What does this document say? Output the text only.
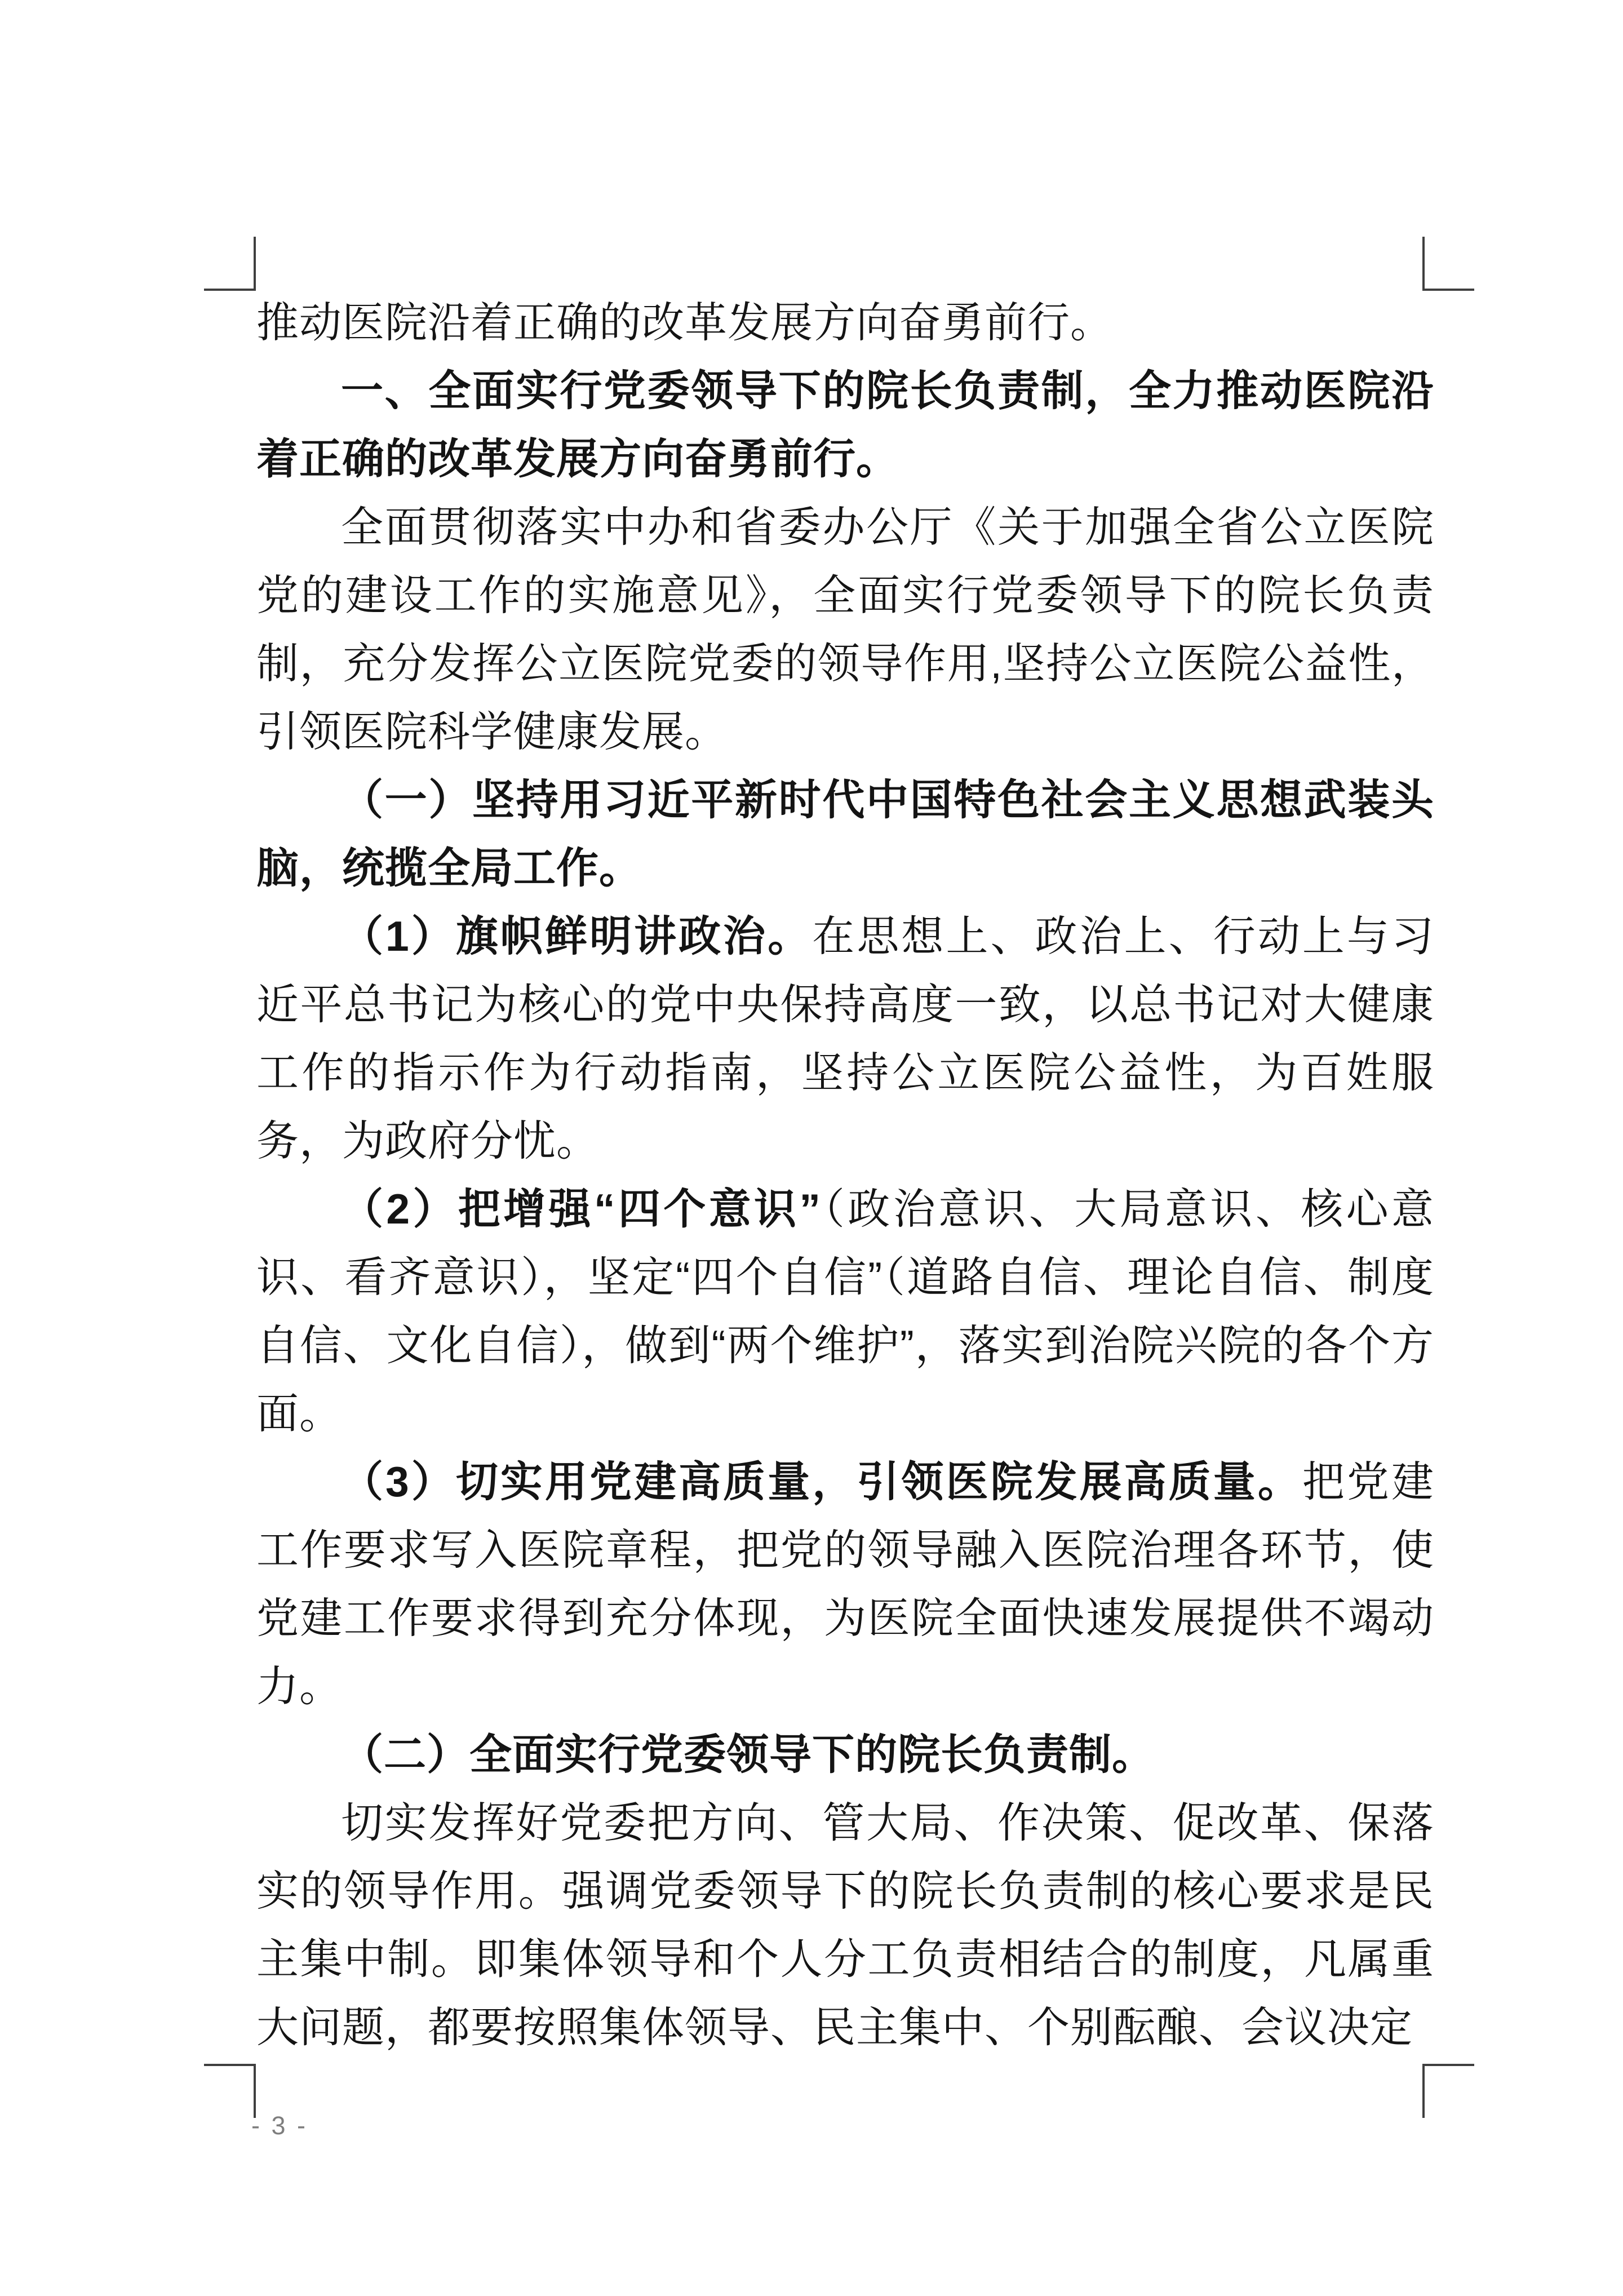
推动医院沿着正确的改革发展方向奋勇前行。

一、全面实行党委领导下的院长负责制，全力推动医院沿着正确的改革发展方向奋勇前行。

全面贯彻落实中办和省委办公厅《关于加强全省公立医院党的建设工作的实施意见》，全面实行党委领导下的院长负责制，充分发挥公立医院党委的领导作用,坚持公立医院公益性，引领医院科学健康发展。

（一）坚持用习近平新时代中国特色社会主义思想武装头脑，统揽全局工作。

（1）旗帜鲜明讲政治。在思想上、政治上、行动上与习近平总书记为核心的党中央保持高度一致，以总书记对大健康工作的指示作为行动指南，坚持公立医院公益性，为百姓服务，为政府分忧。

（2）把增强“四个意识”（政治意识、大局意识、核心意识、看齐意识），坚定“四个自信”（道路自信、理论自信、制度自信、文化自信），做到“两个维护”，落实到治院兴院的各个方面。

（3）切实用党建高质量，引领医院发展高质量。把党建工作要求写入医院章程，把党的领导融入医院治理各环节，使党建工作要求得到充分体现，为医院全面快速发展提供不竭动力。

（二）全面实行党委领导下的院长负责制。

切实发挥好党委把方向、管大局、作决策、促改革、保落实的领导作用。强调党委领导下的院长负责制的核心要求是民主集中制。即集体领导和个人分工负责相结合的制度，凡属重大问题，都要按照集体领导、民主集中、个别酝酿、会议决定

- 3 -
